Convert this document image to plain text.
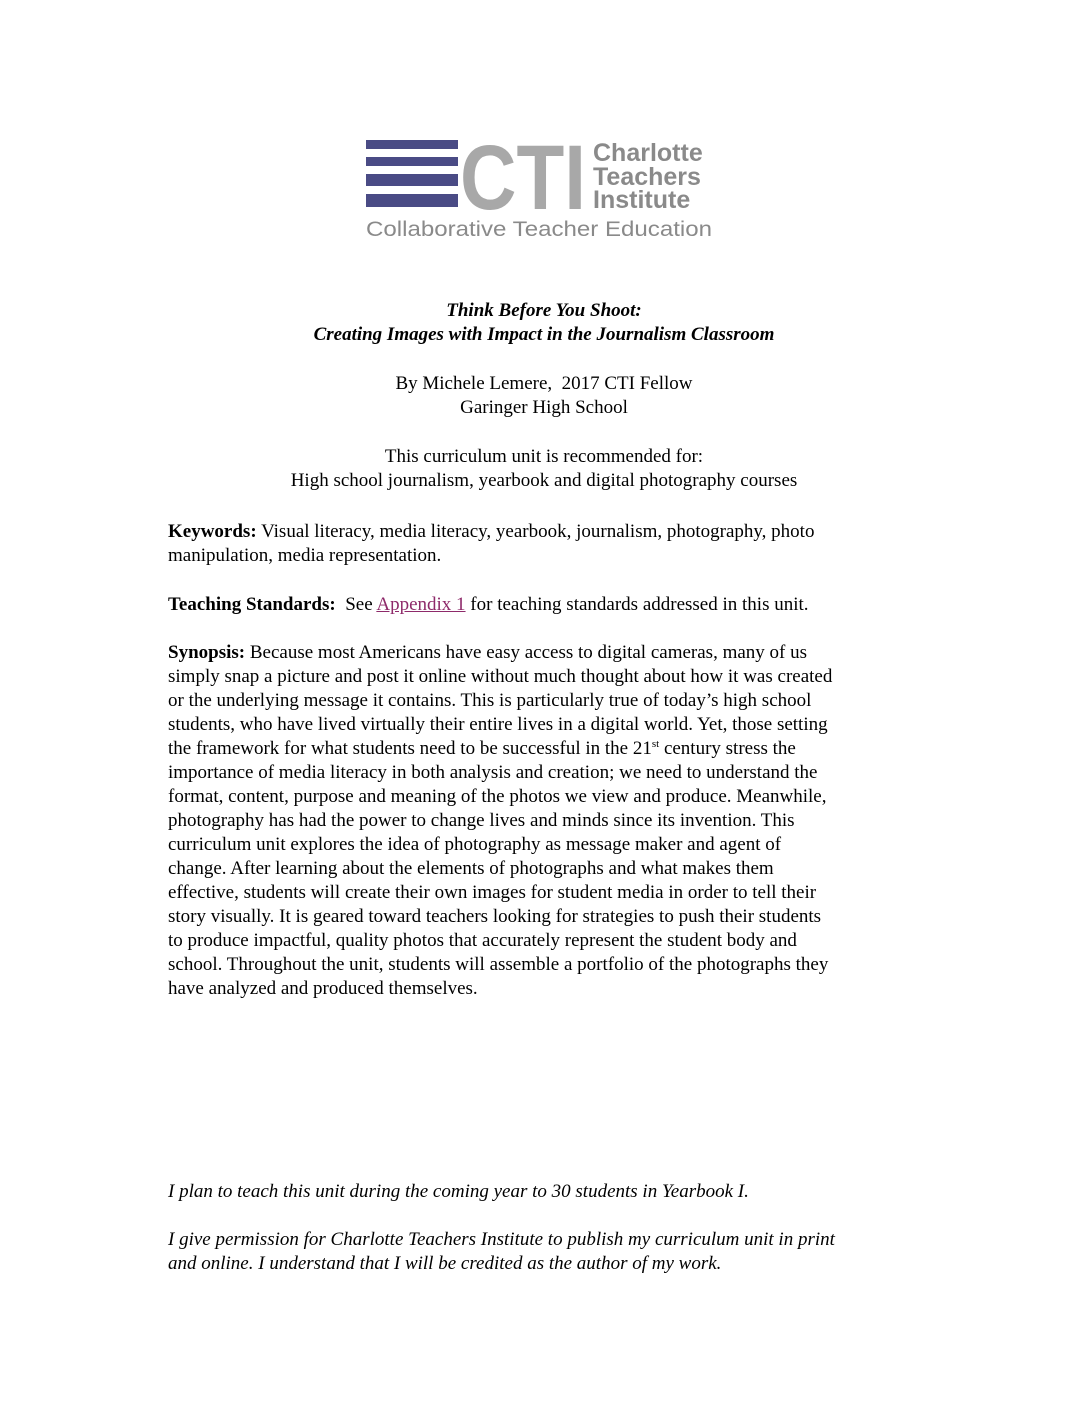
CTI Charlotte
Teachers
Institute
Collaborative Teacher Education
Think Before You Shoot:
Creating Images with Impact in the Journalism Classroom
By Michele Lemere,  2017 CTI Fellow
Garinger High School
This curriculum unit is recommended for:
High school journalism, yearbook and digital photography courses
Keywords: Visual literacy, media literacy, yearbook, journalism, photography, photo
manipulation, media representation.
Teaching Standards:  See Appendix 1 for teaching standards addressed in this unit.
Synopsis: Because most Americans have easy access to digital cameras, many of us
simply snap a picture and post it online without much thought about how it was created
or the underlying message it contains. This is particularly true of today’s high school
students, who have lived virtually their entire lives in a digital world. Yet, those setting
the framework for what students need to be successful in the 21st century stress the
importance of media literacy in both analysis and creation; we need to understand the
format, content, purpose and meaning of the photos we view and produce. Meanwhile,
photography has had the power to change lives and minds since its invention. This
curriculum unit explores the idea of photography as message maker and agent of
change. After learning about the elements of photographs and what makes them
effective, students will create their own images for student media in order to tell their
story visually. It is geared toward teachers looking for strategies to push their students
to produce impactful, quality photos that accurately represent the student body and
school. Throughout the unit, students will assemble a portfolio of the photographs they
have analyzed and produced themselves.
I plan to teach this unit during the coming year to 30 students in Yearbook I.
I give permission for Charlotte Teachers Institute to publish my curriculum unit in print
and online. I understand that I will be credited as the author of my work.
